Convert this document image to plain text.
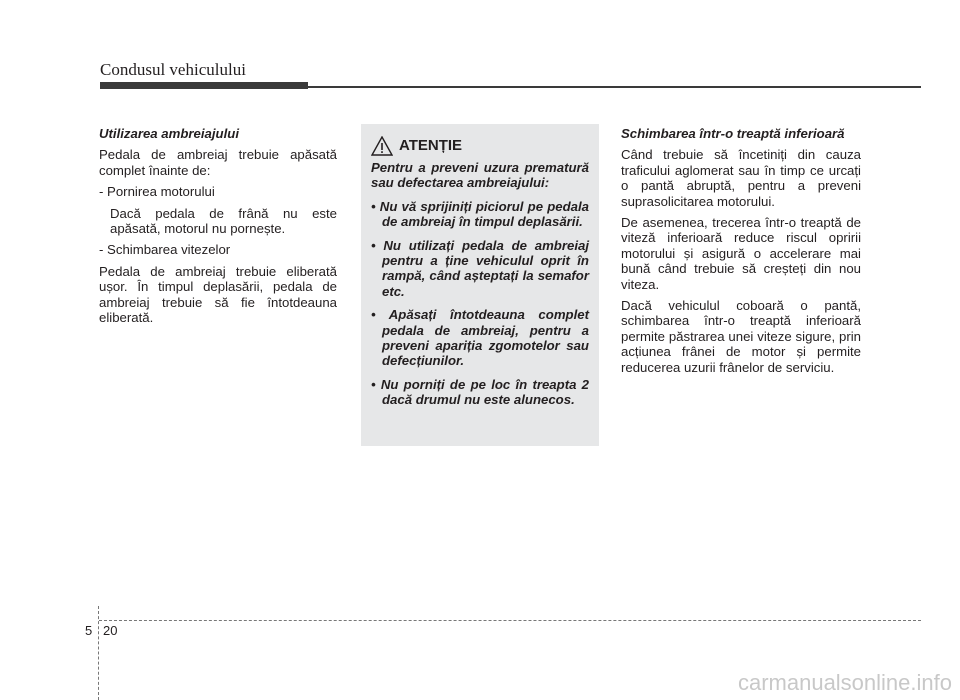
Condusul vehiculului

Utilizarea ambreiajului

Pedala de ambreiaj trebuie apăsată complet înainte de:

- Pornirea motorului

Dacă pedala de frână nu este apăsată, motorul nu pornește.

- Schimbarea vitezelor

Pedala de ambreiaj trebuie eliberată ușor. În timpul deplasării, pedala de ambreiaj trebuie să fie întotdeauna eliberată.

ATENȚIE

Pentru a preveni uzura prematură sau defectarea ambreiajului:

• Nu vă sprijiniți piciorul pe pedala de ambreiaj în timpul deplasării.
• Nu utilizați pedala de ambreiaj pentru a ține vehiculul oprit în rampă, când așteptați la semafor etc.
• Apăsați întotdeauna complet pedala de ambreiaj, pentru a preveni apariția zgomotelor sau defecțiunilor.
• Nu porniți de pe loc în treapta 2 dacă drumul nu este alunecos.

Schimbarea într-o treaptă inferioară

Când trebuie să încetiniți din cauza traficului aglomerat sau în timp ce urcați o pantă abruptă, pentru a preveni suprasolicitarea motorului.

De asemenea, trecerea într-o treaptă de viteză inferioară reduce riscul opririi motorului și asigură o accelerare mai bună când trebuie să creșteți din nou viteza.

Dacă vehiculul coboară o pantă, schimbarea într-o treaptă inferioară permite păstrarea unei viteze sigure, prin acțiunea frânei de motor și permite reducerea uzurii frânelor de serviciu.

5 20
carmanualsonline.info
